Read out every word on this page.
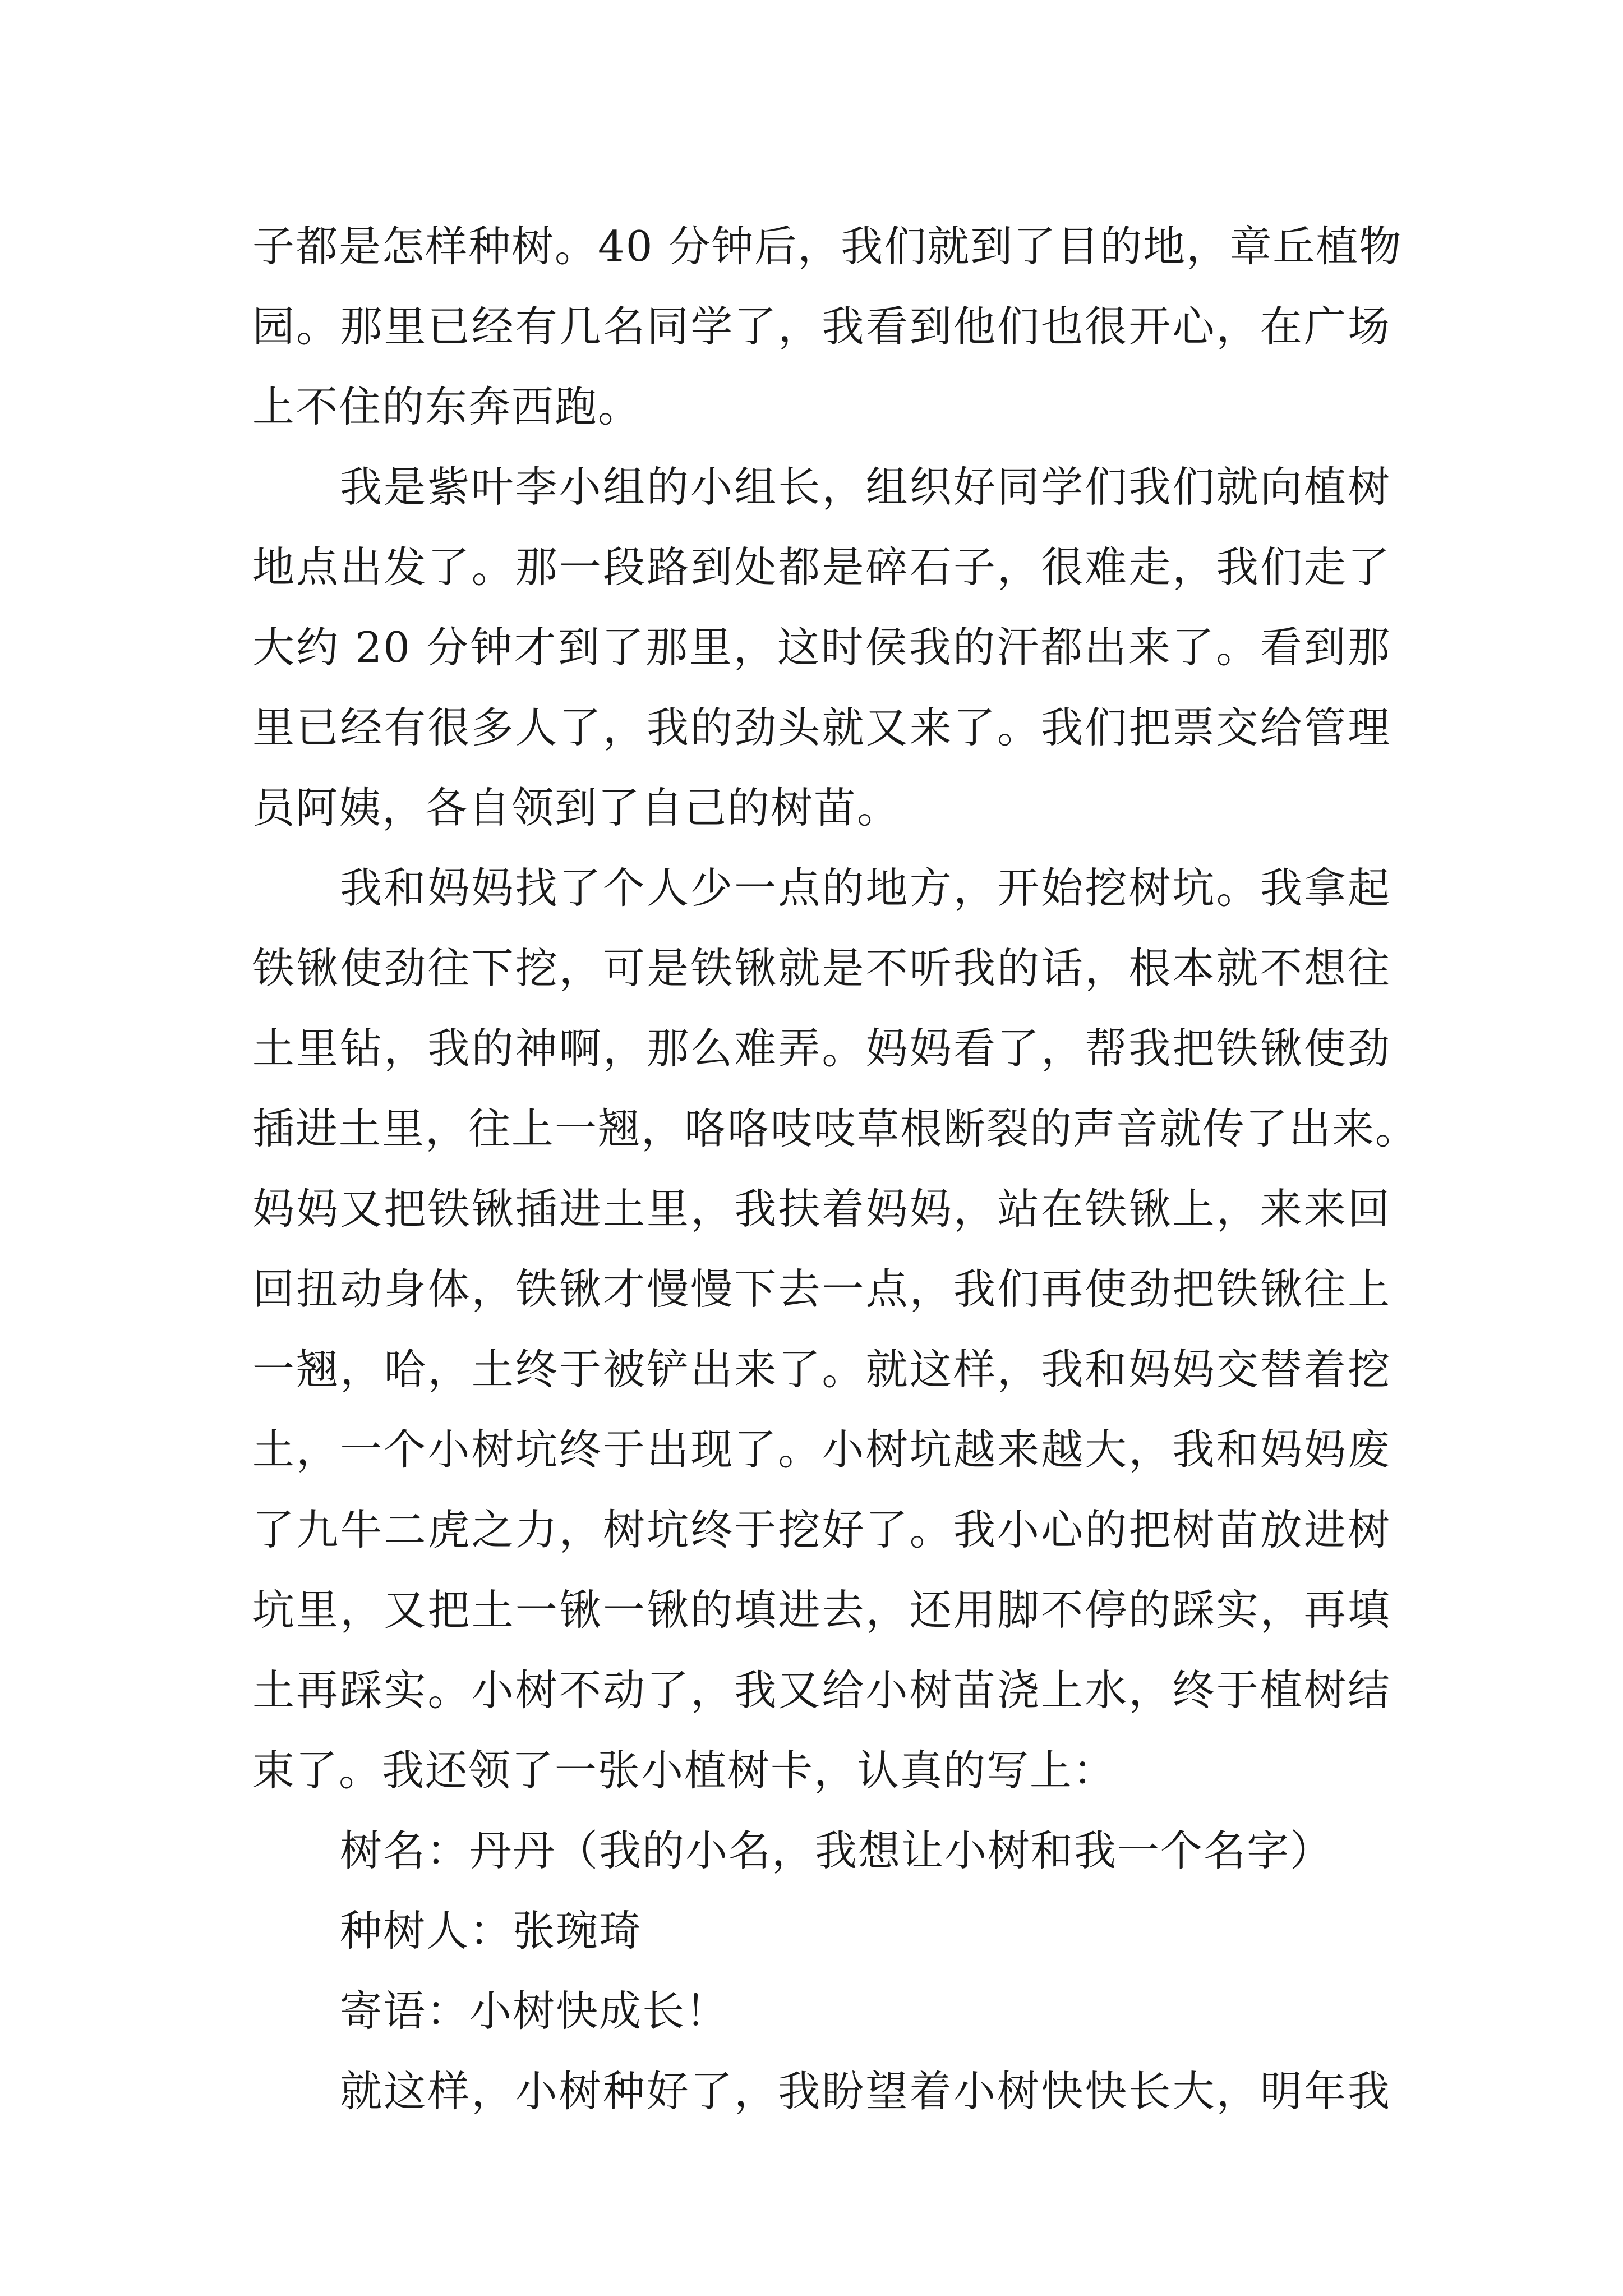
子都是怎样种树。40 分钟后，我们就到了目的地，章丘植物
园。那里已经有几名同学了，我看到他们也很开心，在广场
上不住的东奔西跑。
我是紫叶李小组的小组长，组织好同学们我们就向植树
地点出发了。那一段路到处都是碎石子，很难走，我们走了
大约 20 分钟才到了那里，这时侯我的汗都出来了。看到那
里已经有很多人了，我的劲头就又来了。我们把票交给管理
员阿姨，各自领到了自己的树苗。
我和妈妈找了个人少一点的地方，开始挖树坑。我拿起
铁锹使劲往下挖，可是铁锹就是不听我的话，根本就不想往
土里钻，我的神啊，那么难弄。妈妈看了，帮我把铁锹使劲
插进土里，往上一翘，咯咯吱吱草根断裂的声音就传了出来。
妈妈又把铁锹插进土里，我扶着妈妈，站在铁锹上，来来回
回扭动身体，铁锹才慢慢下去一点，我们再使劲把铁锹往上
一翘，哈，土终于被铲出来了。就这样，我和妈妈交替着挖
土，一个小树坑终于出现了。小树坑越来越大，我和妈妈废
了九牛二虎之力，树坑终于挖好了。我小心的把树苗放进树
坑里，又把土一锹一锹的填进去，还用脚不停的踩实，再填
土再踩实。小树不动了，我又给小树苗浇上水，终于植树结
束了。我还领了一张小植树卡，认真的写上：
树名：丹丹（我的小名，我想让小树和我一个名字）
种树人：张琬琦
寄语：小树快成长！
就这样，小树种好了，我盼望着小树快快长大，明年我
